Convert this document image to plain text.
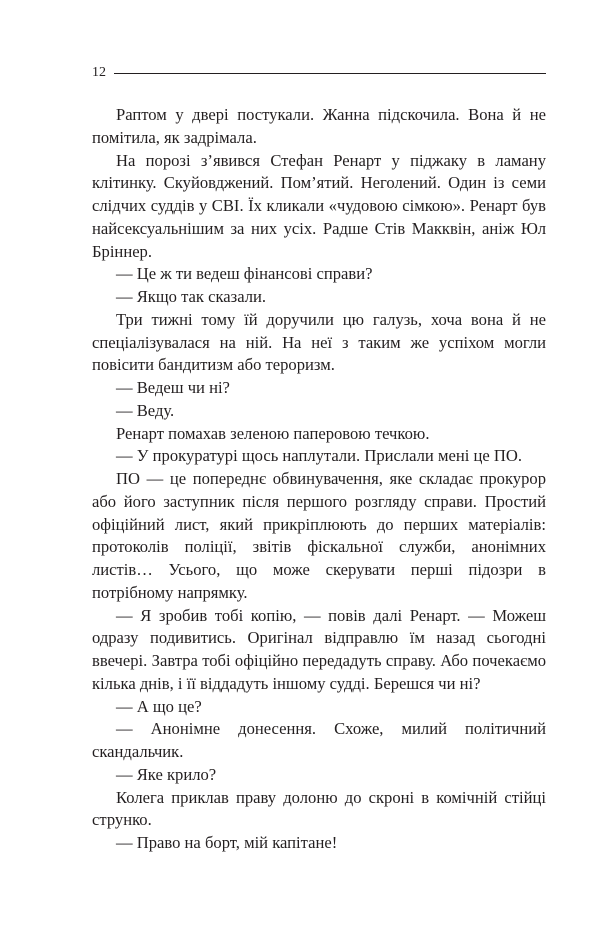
12

Раптом у двері постукали. Жанна підскочила. Вона й не помітила, як задрімала.

На порозі з’явився Стефан Ренарт у піджаку в ламану клітинку. Скуйовджений. Пом’ятий. Неголений. Один із семи слідчих суддів у СВІ. Їх кликали «чудовою сімкою». Ренарт був найсексуальнішим за них усіх. Радше Стів Макквін, аніж Юл Бріннер.

— Це ж ти ведеш фінансові справи?

— Якщо так сказали.

Три тижні тому їй доручили цю галузь, хоча вона й не спеціалізувалася на ній. На неї з таким же успіхом могли повісити бандитизм або тероризм.

— Ведеш чи ні?

— Веду.

Ренарт помахав зеленою паперовою течкою.

— У прокуратурі щось наплутали. Прислали мені це ПО.

ПО — це попереднє обвинувачення, яке складає прокурор або його заступник після першого розгляду справи. Простий офіційний лист, який прикріплюють до перших матеріалів: протоколів поліції, звітів фіскальної служби, анонімних листів… Усього, що може скерувати перші підозри в потрібному напрямку.

— Я зробив тобі копію, — повів далі Ренарт. — Можеш одразу подивитись. Оригінал відправлю їм назад сьогодні ввечері. Завтра тобі офіційно передадуть справу. Або почекаємо кілька днів, і її віддадуть іншому судді. Берешся чи ні?

— А що це?

— Анонімне донесення. Схоже, милий політичний скандальчик.

— Яке крило?

Колега приклав праву долоню до скроні в комічній стійці струнко.

— Право на борт, мій капітане!
